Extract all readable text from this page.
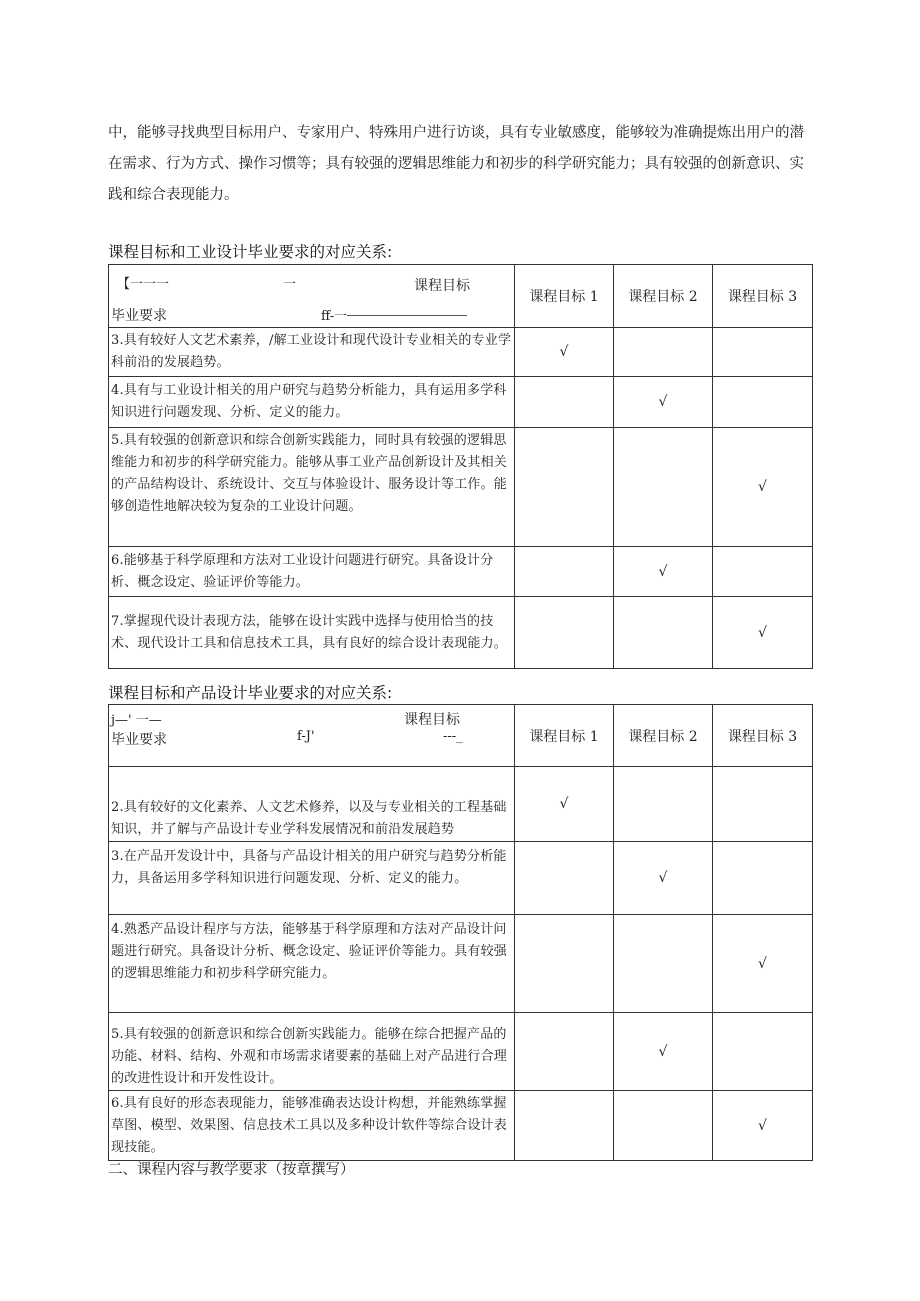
中，能够寻找典型目标用户、专家用户、特殊用户进行访谈，具有专业敏感度，能够较为准确提炼出用户的潜在需求、行为方式、操作习惯等；具有较强的逻辑思维能力和初步的科学研究能力；具有较强的创新意识、实践和综合表现能力。

课程目标和工业设计毕业要求的对应关系:
【一一一 一 课程目标
毕业要求 ff-一	课程目标 1	课程目标 2	课程目标 3
3.具有较好人文艺术素养，/解工业设计和现代设计专业相关的专业学科前沿的发展趋势。	√		
4.具有与工业设计相关的用户研究与趋势分析能力，具有运用多学科知识进行问题发现、分析、定义的能力。		√	
5.具有较强的创新意识和综合创新实践能力，同时具有较强的逻辑思维能力和初步的科学研究能力。能够从事工业产品创新设计及其相关的产品结构设计、系统设计、交互与体验设计、服务设计等工作。能够创造性地解决较为复杂的工业设计问题。			√
6.能够基于科学原理和方法对工业设计问题进行研究。具备设计分析、概念设定、验证评价等能力。		√	
7.掌握现代设计表现方法，能够在设计实践中选择与使用恰当的技术、现代设计工具和信息技术工具，具有良好的综合设计表现能力。			√
课程目标和产品设计毕业要求的对应关系:
j—' 一— 课程目标
毕业要求 f-J' ---_	课程目标 1	课程目标 2	课程目标 3
2.具有较好的文化素养、人文艺术修养，以及与专业相关的工程基础知识，并了解与产品设计专业学科发展情况和前沿发展趋势	√		
3.在产品开发设计中，具备与产品设计相关的用户研究与趋势分析能力，具备运用多学科知识进行问题发现、分析、定义的能力。		√	
4.熟悉产品设计程序与方法，能够基于科学原理和方法对产品设计问题进行研究。具备设计分析、概念设定、验证评价等能力。具有较强的逻辑思维能力和初步科学研究能力。			√
5.具有较强的创新意识和综合创新实践能力。能够在综合把握产品的功能、材料、结构、外观和市场需求诸要素的基础上对产品进行合理的改进性设计和开发性设计。		√	
6.具有良好的形态表现能力，能够准确表达设计构想，并能熟练掌握草图、模型、效果图、信息技术工具以及多种设计软件等综合设计表现技能。			√

二、课程内容与教学要求（按章撰写）
